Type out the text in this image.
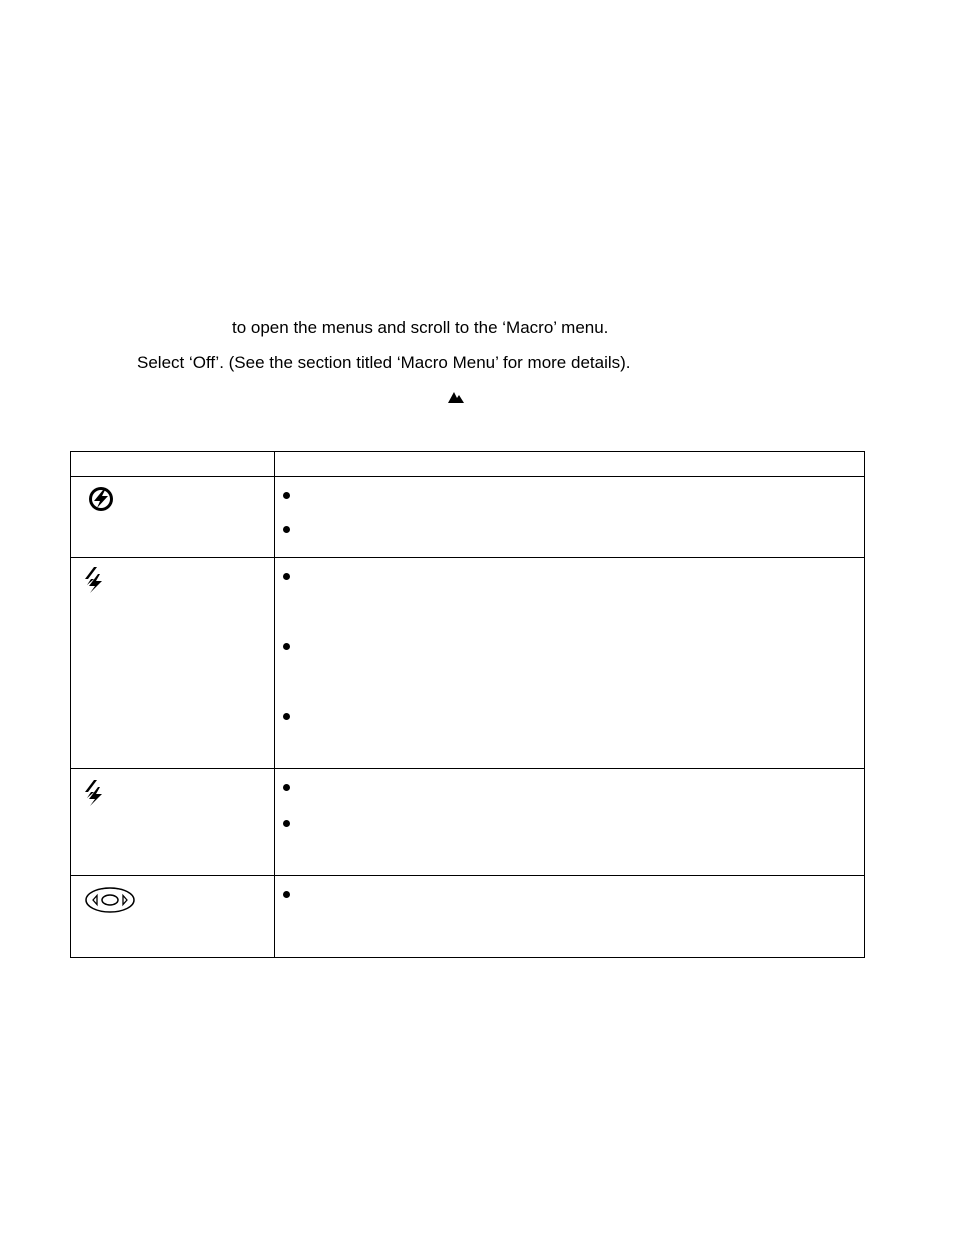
to open the menus and scroll to the ‘Macro’ menu.
Select ‘Off’. (See the section titled ‘Macro Menu’ for more details).
